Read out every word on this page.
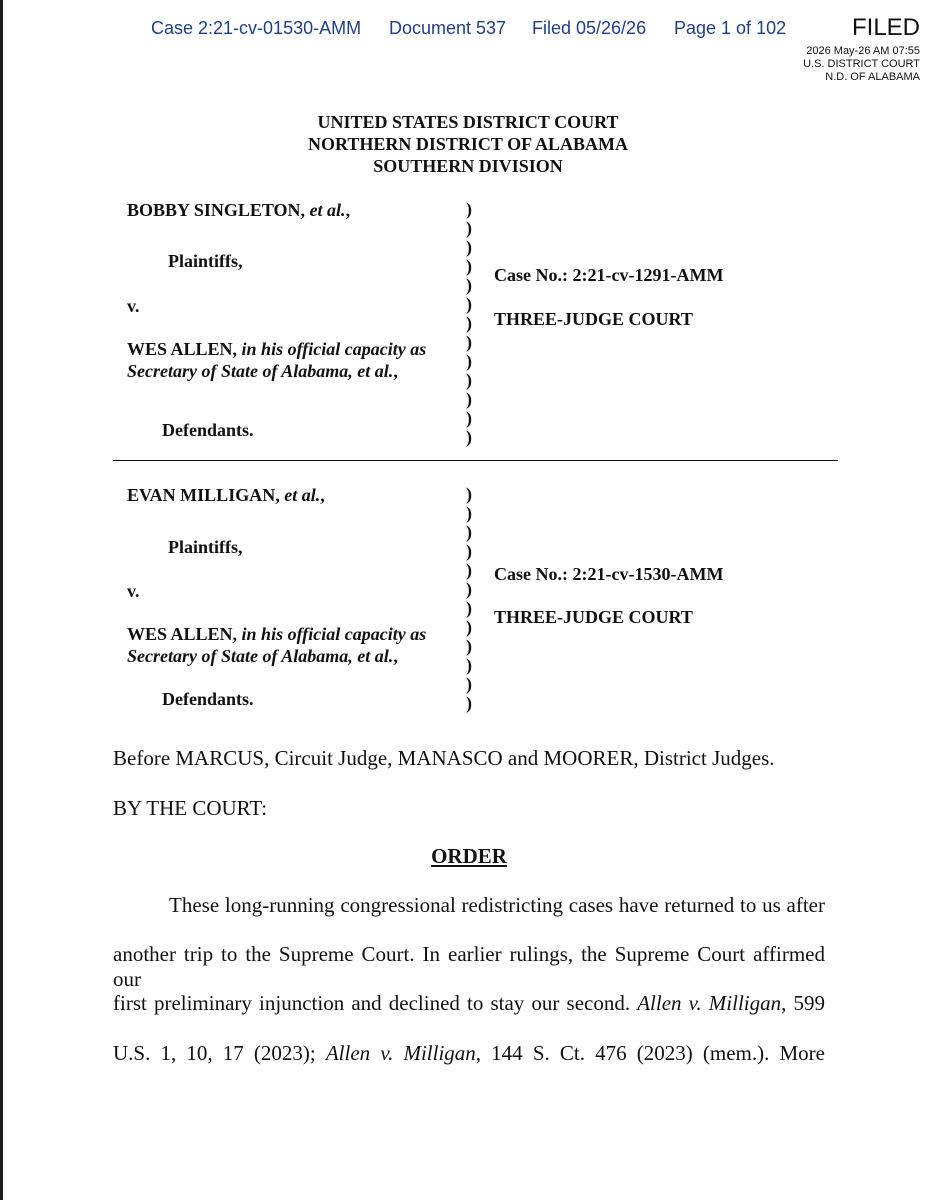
Case 2:21-cv-01530-AMM Document 537 Filed 05/26/26 Page 1 of 102	FILED
2026 May-26 AM 07:55
U.S. DISTRICT COURT
N.D. OF ALABAMA
UNITED STATES DISTRICT COURT
NORTHERN DISTRICT OF ALABAMA
SOUTHERN DIVISION
BOBBY SINGLETON, et al.,
Plaintiffs,
v.
WES ALLEN, in his official capacity as
Secretary of State of Alabama, et al.,
Defendants.
Case No.: 2:21-cv-1291-AMM
THREE-JUDGE COURT
)
)
)
)
)
)
)
)
)
)
)
)
)
EVAN MILLIGAN, et al.,
Plaintiffs,
v.
WES ALLEN, in his official capacity as
Secretary of State of Alabama, et al.,
Defendants.
Case No.: 2:21-cv-1530-AMM
THREE-JUDGE COURT
)
)
)
)
)
)
)
)
)
)
)
)
Before MARCUS, Circuit Judge, MANASCO and MOORER, District Judges.
BY THE COURT:
ORDER
These long-running congressional redistricting cases have returned to us after
another trip to the Supreme Court. In earlier rulings, the Supreme Court affirmed our
first preliminary injunction and declined to stay our second. Allen v. Milligan, 599
U.S. 1, 10, 17 (2023); Allen v. Milligan, 144 S. Ct. 476 (2023) (mem.). More
